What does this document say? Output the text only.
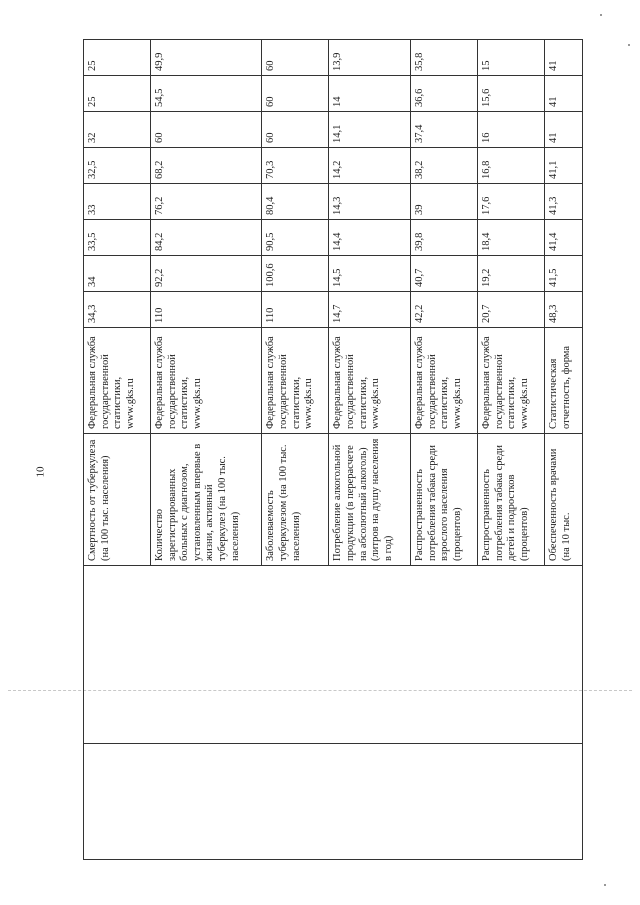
10
			Смертность от туберкулеза (на 100 тыс. населения)	Федеральная служба государственной статистики, www.gks.ru	34,3	34	33,5	33	32,5	32	25	25
		Количество зарегистрированных больных с диагнозом, установленным впервые в жизни, активный туберкулез (на 100 тыс. населения)	Федеральная служба государственной статистики, www.gks.ru	110	92,2	84,2	76,2	68,2	60	54,5	49,9
		Заболеваемость туберкулезом (на 100 тыс. населения)	Федеральная служба государственной статистики, www.gks.ru	110	100,6	90,5	80,4	70,3	60	60	60
		Потребление алкогольной продукции (в перерасчете на абсолютный алкоголь) (литров на душу населения в год)	Федеральная служба государственной статистики, www.gks.ru	14,7	14,5	14,4	14,3	14,2	14,1	14	13,9
		Распространенность потребления табака среди взрослого населения (процентов)	Федеральная служба государственной статистики, www.gks.ru	42,2	40,7	39,8	39	38,2	37,4	36,6	35,8
		Распространенность потребления табака среди детей и подростков (процентов)	Федеральная служба государственной статистики, www.gks.ru	20,7	19,2	18,4	17,6	16,8	16	15,6	15
		Обеспеченность врачами (на 10 тыс.	Статистическая отчетность, форма	48,3	41,5	41,4	41,3	41,1	41	41	41
